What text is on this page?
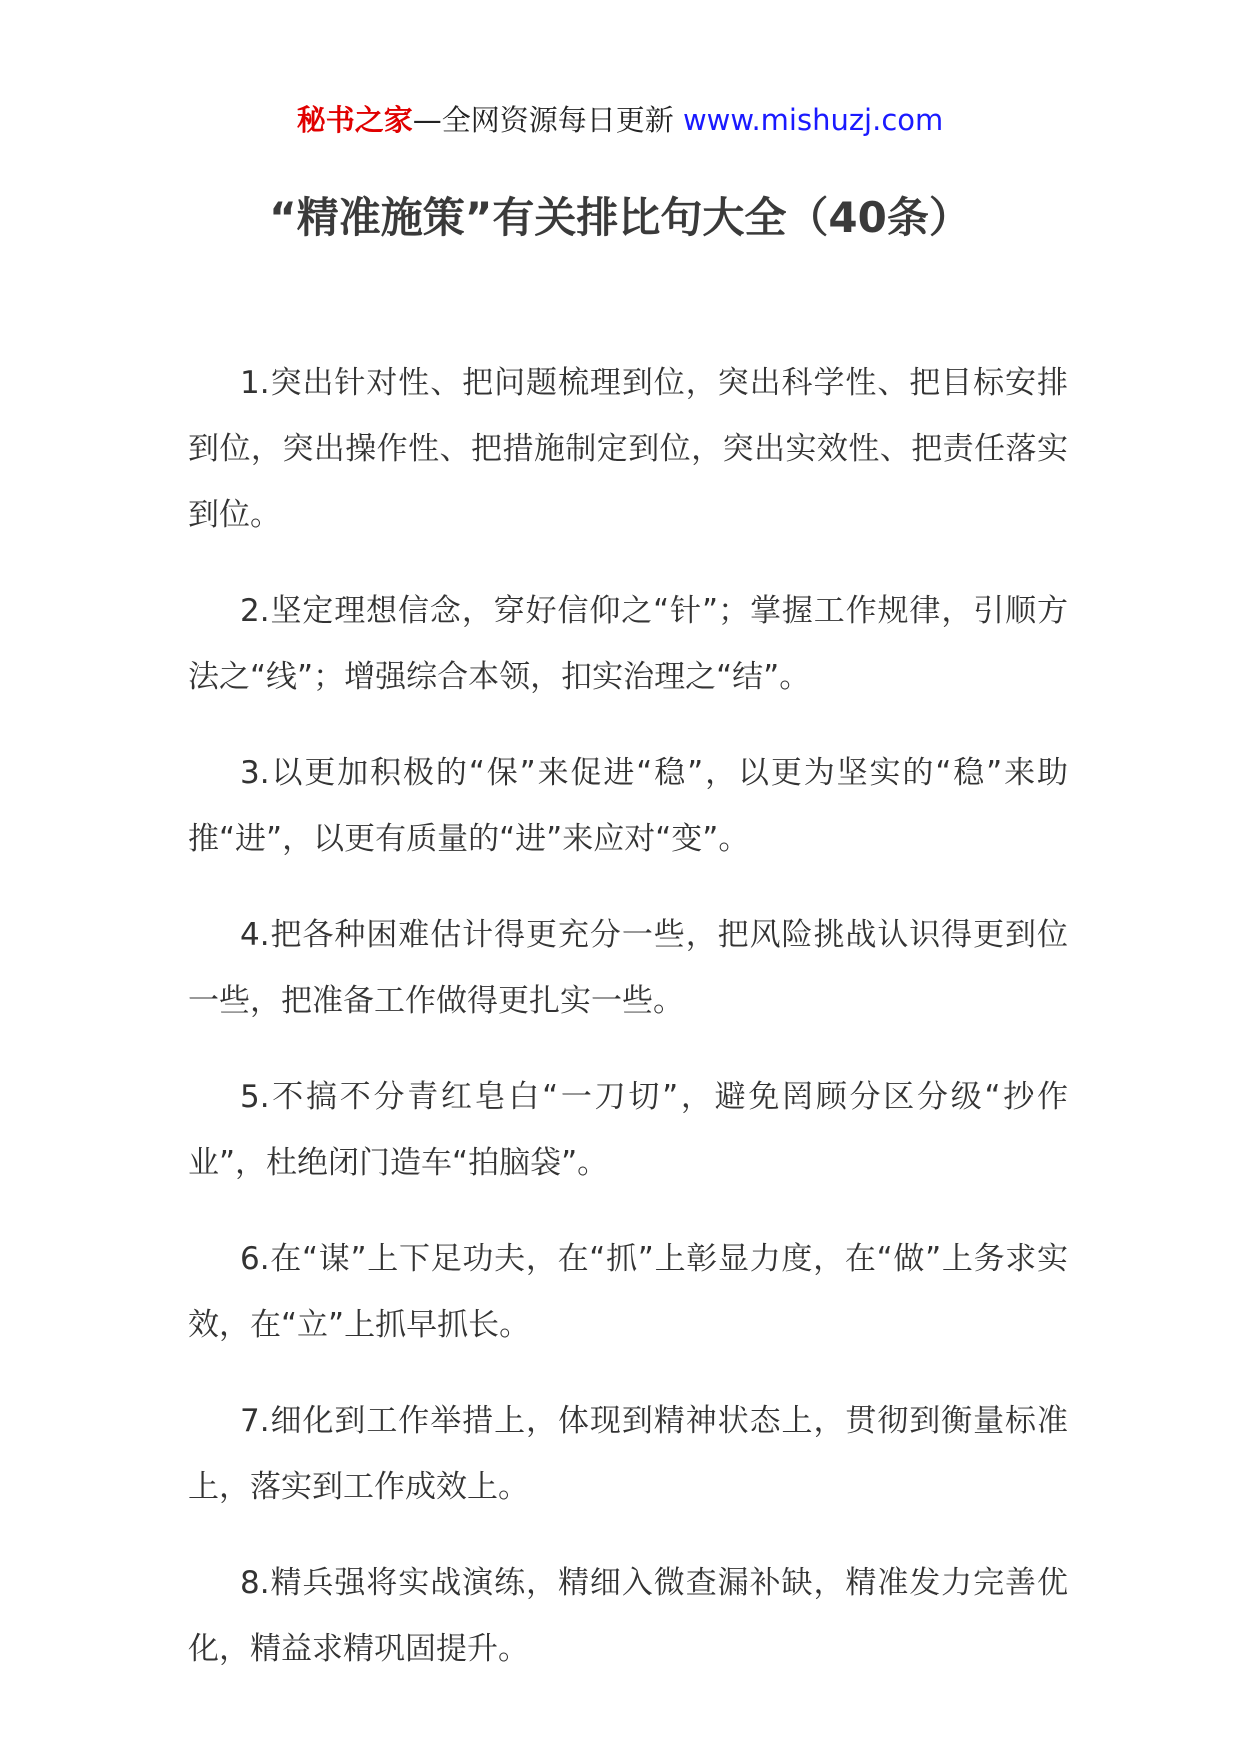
秘书之家—全网资源每日更新 www.mishuzj.com
“精准施策”有关排比句大全（40条）

1.突出针对性、把问题梳理到位，突出科学性、把目标安排到位，突出操作性、把措施制定到位，突出实效性、把责任落实到位。

2.坚定理想信念，穿好信仰之“针”；掌握工作规律，引顺方法之“线”；增强综合本领，扣实治理之“结”。

3.以更加积极的“保”来促进“稳”，以更为坚实的“稳”来助推“进”，以更有质量的“进”来应对“变”。

4.把各种困难估计得更充分一些，把风险挑战认识得更到位一些，把准备工作做得更扎实一些。

5.不搞不分青红皂白“一刀切”，避免罔顾分区分级“抄作业”，杜绝闭门造车“拍脑袋”。

6.在“谋”上下足功夫，在“抓”上彰显力度，在“做”上务求实效，在“立”上抓早抓长。

7.细化到工作举措上，体现到精神状态上，贯彻到衡量标准上，落实到工作成效上。

8.精兵强将实战演练，精细入微查漏补缺，精准发力完善优化，精益求精巩固提升。
